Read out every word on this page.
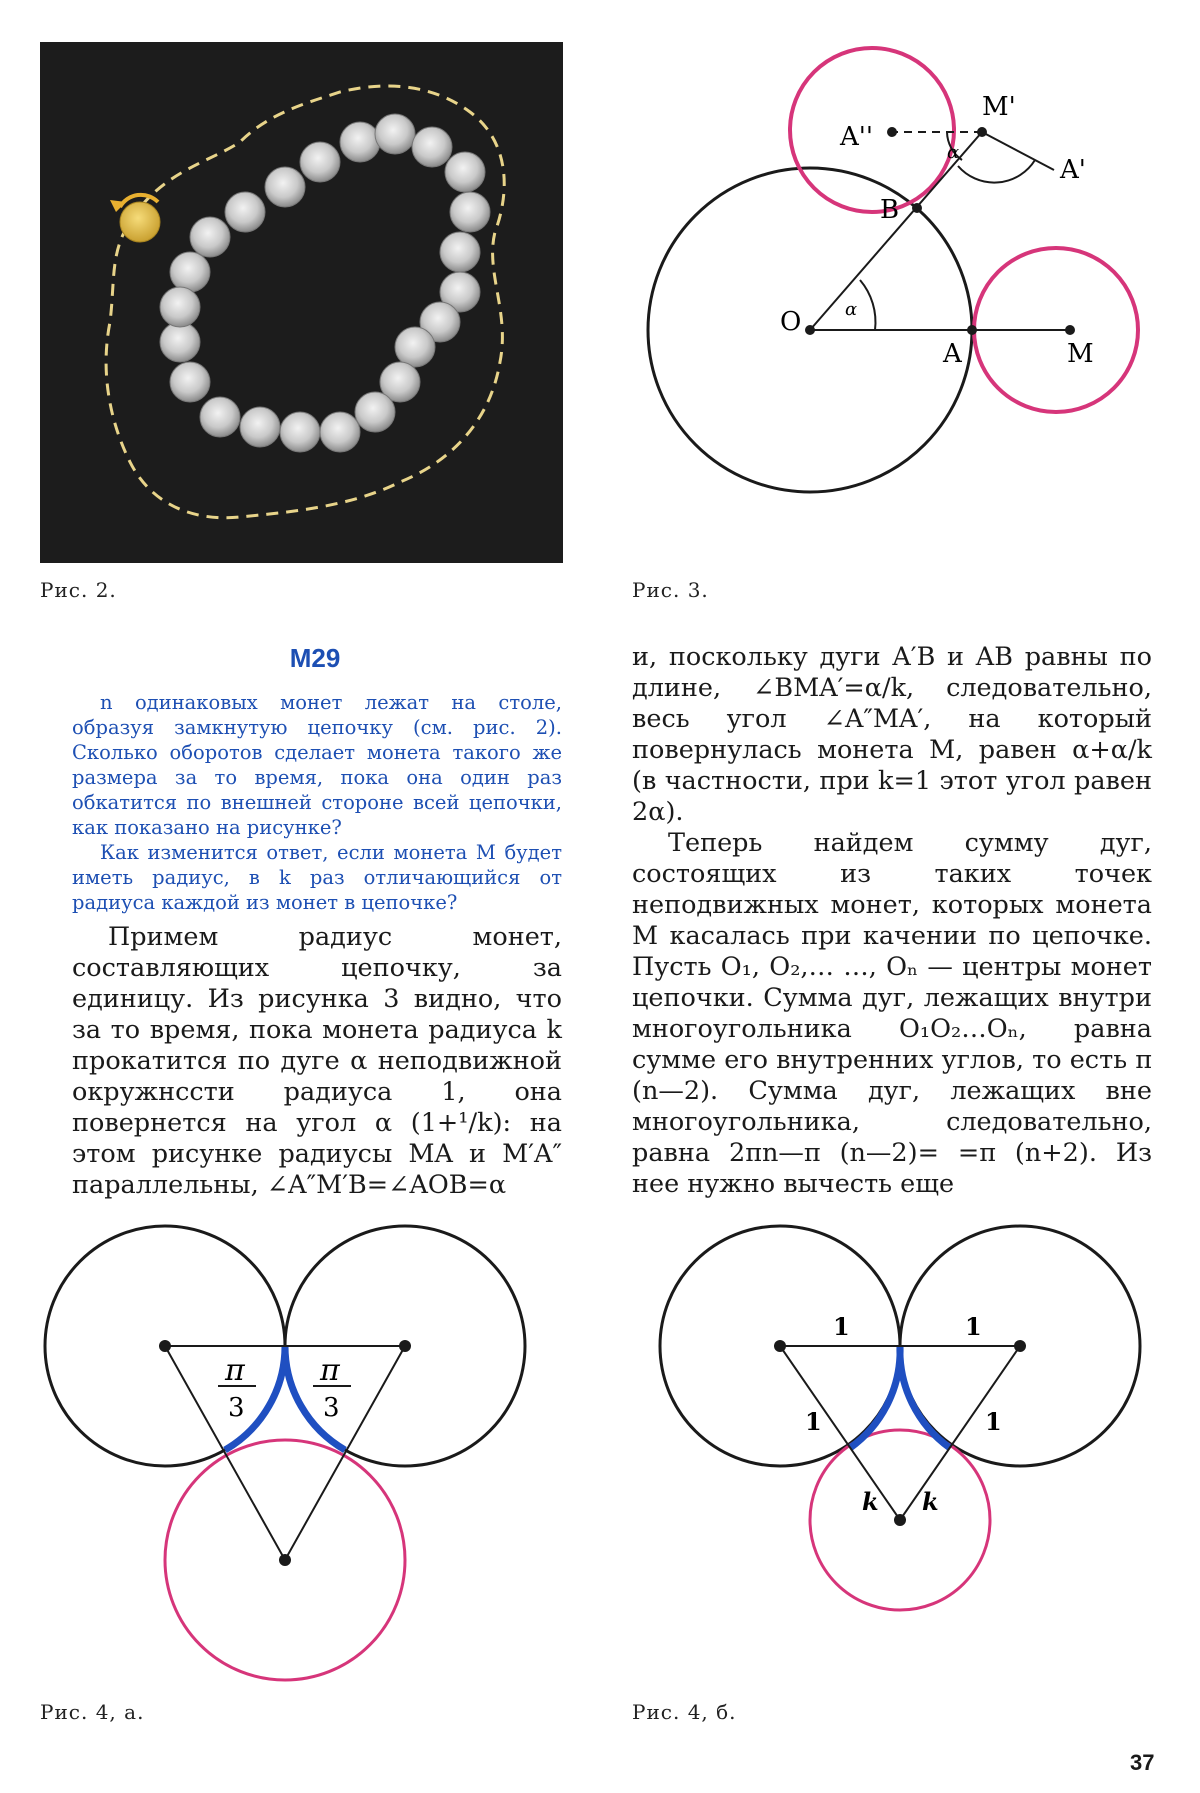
Рис. 2.
A''
M'
A'
B
O
A	M
α
α
Рис. 3.
М29

n одинаковых монет лежат на столе, образуя замкнутую цепочку (см. рис. 2). Сколько оборотов сделает монета такого же размера за то время, пока она один раз обкатится по внешней стороне всей цепочки, как показано на рисунке?

Как изменится ответ, если монета M будет иметь радиус, в k раз отличающийся от радиуса каждой из монет в цепочке?

Примем радиус монет, составляющих цепочку, за единицу. Из рисунка 3 видно, что за то время, пока монета радиуса k прокатится по дуге α неподвижной окружнссти радиуса 1, она повернется на угол α (1+¹/k): на этом рисунке радиусы MA и M′A″ параллельны, ∠A″M′B=∠AOB=α

и, поскольку дуги A′B и AB равны по длине, ∠BMA′=α/k, следовательно, весь угол ∠A″MA′, на который повернулась монета M, равен α+α/k (в частности, при k=1 этот угол равен 2α).

Теперь найдем сумму дуг, состоящих из таких точек неподвижных монет, которых монета M касалась при качении по цепочке. Пусть O₁, O₂,… …, Oₙ — центры монет цепочки. Сумма дуг, лежащих внутри многоугольника O₁O₂…Oₙ, равна сумме его внутренних углов, то есть π (n—2). Сумма дуг, лежащих вне многоугольника, следовательно, равна 2πn—π (n—2)= =π (n+2). Из нее нужно вычесть еще

π
3
π
3
Рис. 4, а.
1	1
1	1
k k
Рис. 4, б.
37
